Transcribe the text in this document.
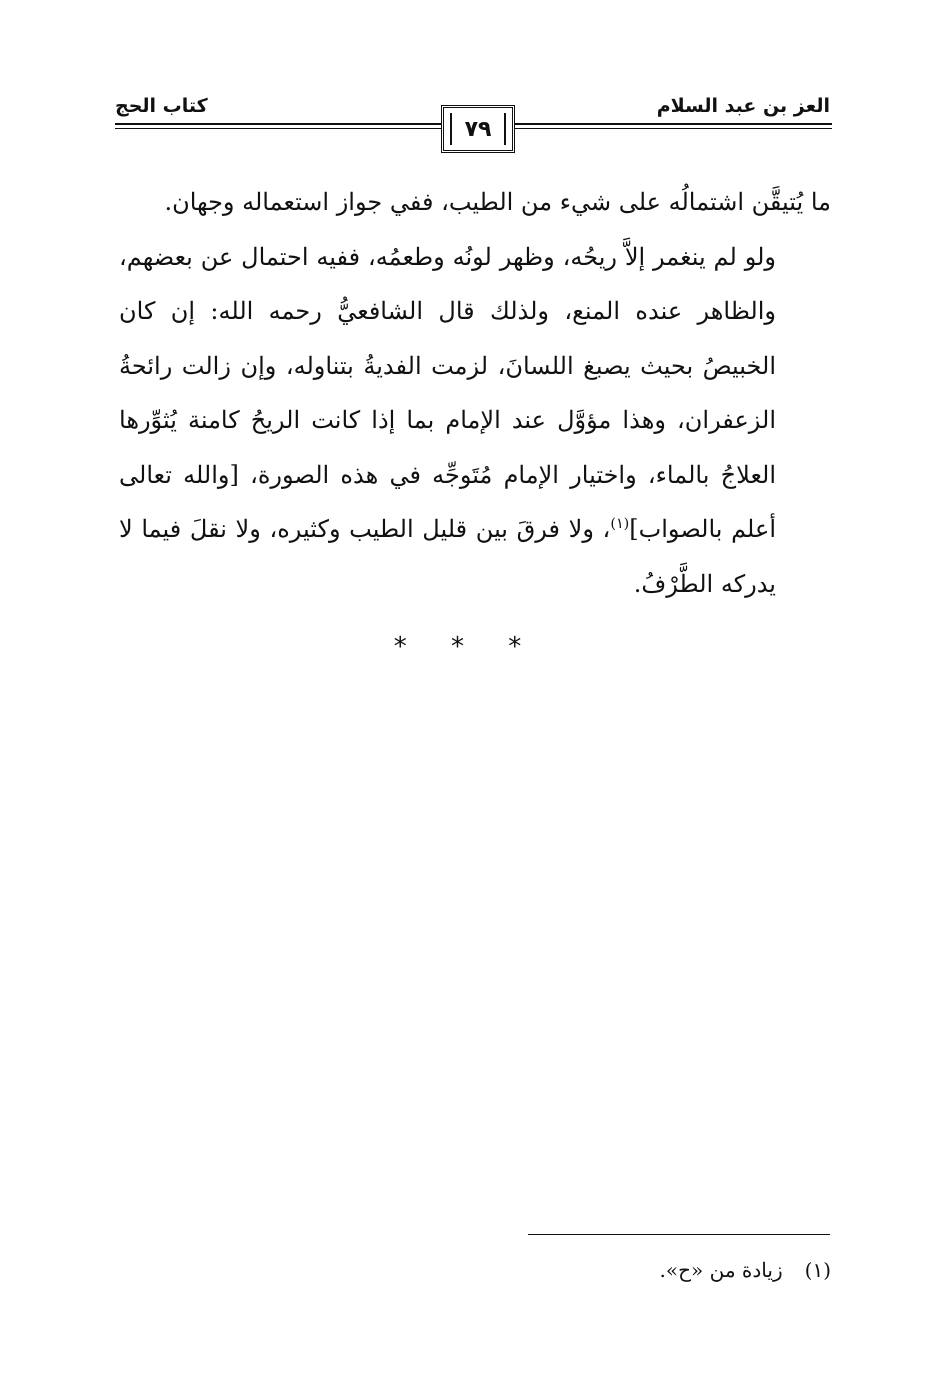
العز بن عبد السلام
كتاب الحج
٧٩

ما يُتيقَّن اشتمالُه على شيء من الطيب، ففي جواز استعماله وجهان.

ولو لم ينغمر إلاَّ ريحُه، وظهر لونُه وطعمُه، ففيه احتمال عن بعضهم، والظاهر عنده المنع، ولذلك قال الشافعيُّ رحمه الله: إن كان الخبيصُ بحيث يصبغ اللسانَ، لزمت الفديةُ بتناوله، وإن زالت رائحةُ الزعفران، وهذا مؤوَّل عند الإمام بما إذا كانت الريحُ كامنة يُثوِّرها العلاجُ بالماء، واختيار الإمام مُتَوجِّه في هذه الصورة، [والله تعالى أعلم بالصواب]$^{(١)}$، ولا فرقَ بين قليل الطيب وكثيره، ولا نقلَ فيما لا يدركه الطَّرْفُ.

* * *
(١)زيادة من «ح».
